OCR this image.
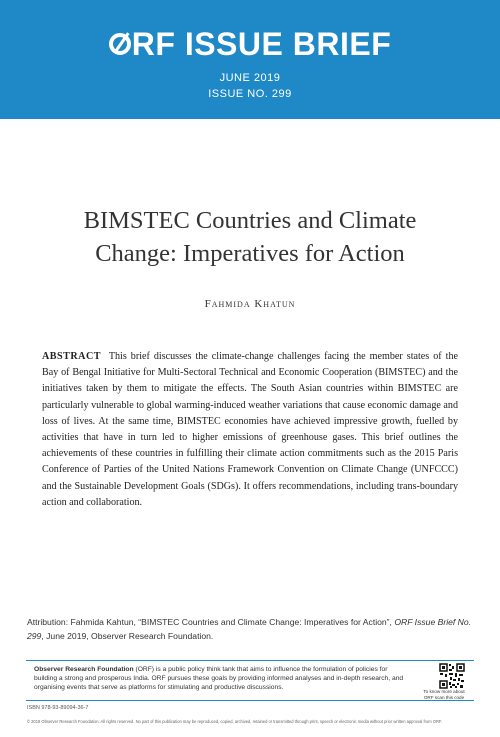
RF ISSUE BRIEF
JUNE 2019
ISSUE NO. 299
BIMSTEC Countries and Climate
Change: Imperatives for Action
Fahmida Khatun

ABSTRACT This brief discusses the climate-change challenges facing the member states of the Bay of Bengal Initiative for Multi-Sectoral Technical and Economic Cooperation (BIMSTEC) and the initiatives taken by them to mitigate the effects. The South Asian countries within BIMSTEC are particularly vulnerable to global warming-induced weather variations that cause economic damage and loss of lives. At the same time, BIMSTEC economies have achieved impressive growth, fuelled by activities that have in turn led to higher emissions of greenhouse gases. This brief outlines the achievements of these countries in fulfilling their climate action commitments such as the 2015 Paris Conference of Parties of the United Nations Framework Convention on Climate Change (UNFCCC) and the Sustainable Development Goals (SDGs). It offers recommendations, including trans-boundary action and collaboration.

Attribution: Fahmida Kahtun, “BIMSTEC Countries and Climate Change: Imperatives for Action”, ORF Issue Brief No. 299, June 2019, Observer Research Foundation.
Observer Research Foundation (ORF) is a public policy think tank that aims to influence the formulation of policies for building a strong and prosperous India. ORF pursues these goals by providing informed analyses and in-depth research, and organising events that serve as platforms for stimulating and productive discussions.
To know more about
ORF scan this code
ISBN 978-93-89094-36-7
© 2019 Observer Research Foundation. All rights reserved. No part of this publication may be reproduced, copied, archived, retained or transmitted through print, speech or electronic media without prior written approval from ORF.
